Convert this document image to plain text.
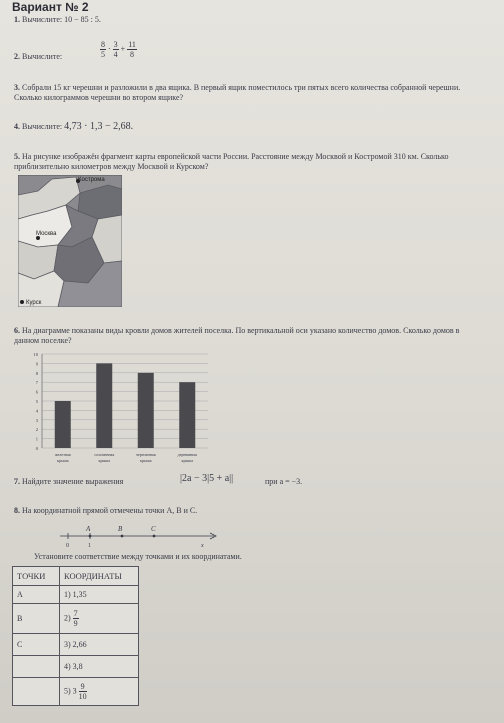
Вариант № 2
1. Вычислите: 10 − 85 : 5.
2. Вычислите:	$\frac{8}{5} \cdot \frac{3}{4} + \frac{11}{8}$
3. Собрали 15 кг черешни и разложили в два ящика. В первый ящик поместилось три пятых всего количества собранной черешни. Сколько килограммов черешни во втором ящике?
4. Вычислите: 4,73 · 1,3 − 2,68.
5. На рисунке изображён фрагмент карты европейской части России. Расстояние между Москвой и Костромой 310 км. Сколько приблизительно километров между Москвой и Курском?
Кострома
Москва
Курск
6. На диаграмме показаны виды кровли домов жителей поселка. По вертикальной оси указано количество домов. Сколько домов в данном поселке?
0
1
2
3
4
5
6
7
8
9
10
железная
крыша
соломенная
крыша
черепичная
крыша
деревянная
крыша
7. Найдите значение выражения	|2a − 3|5 + a||	при a = −3.
8. На координатной прямой отмечены точки A, B и C.
A	B	C
0	1	x
Установите соответствие между точками и их координатами.
ТОЧКИ	КООРДИНАТЫ
A	1) 1,35
B	$2) \frac{7}{9}$

C	3) 2,66
	4) 3,8
	5) $3 \frac{9}{10}$
